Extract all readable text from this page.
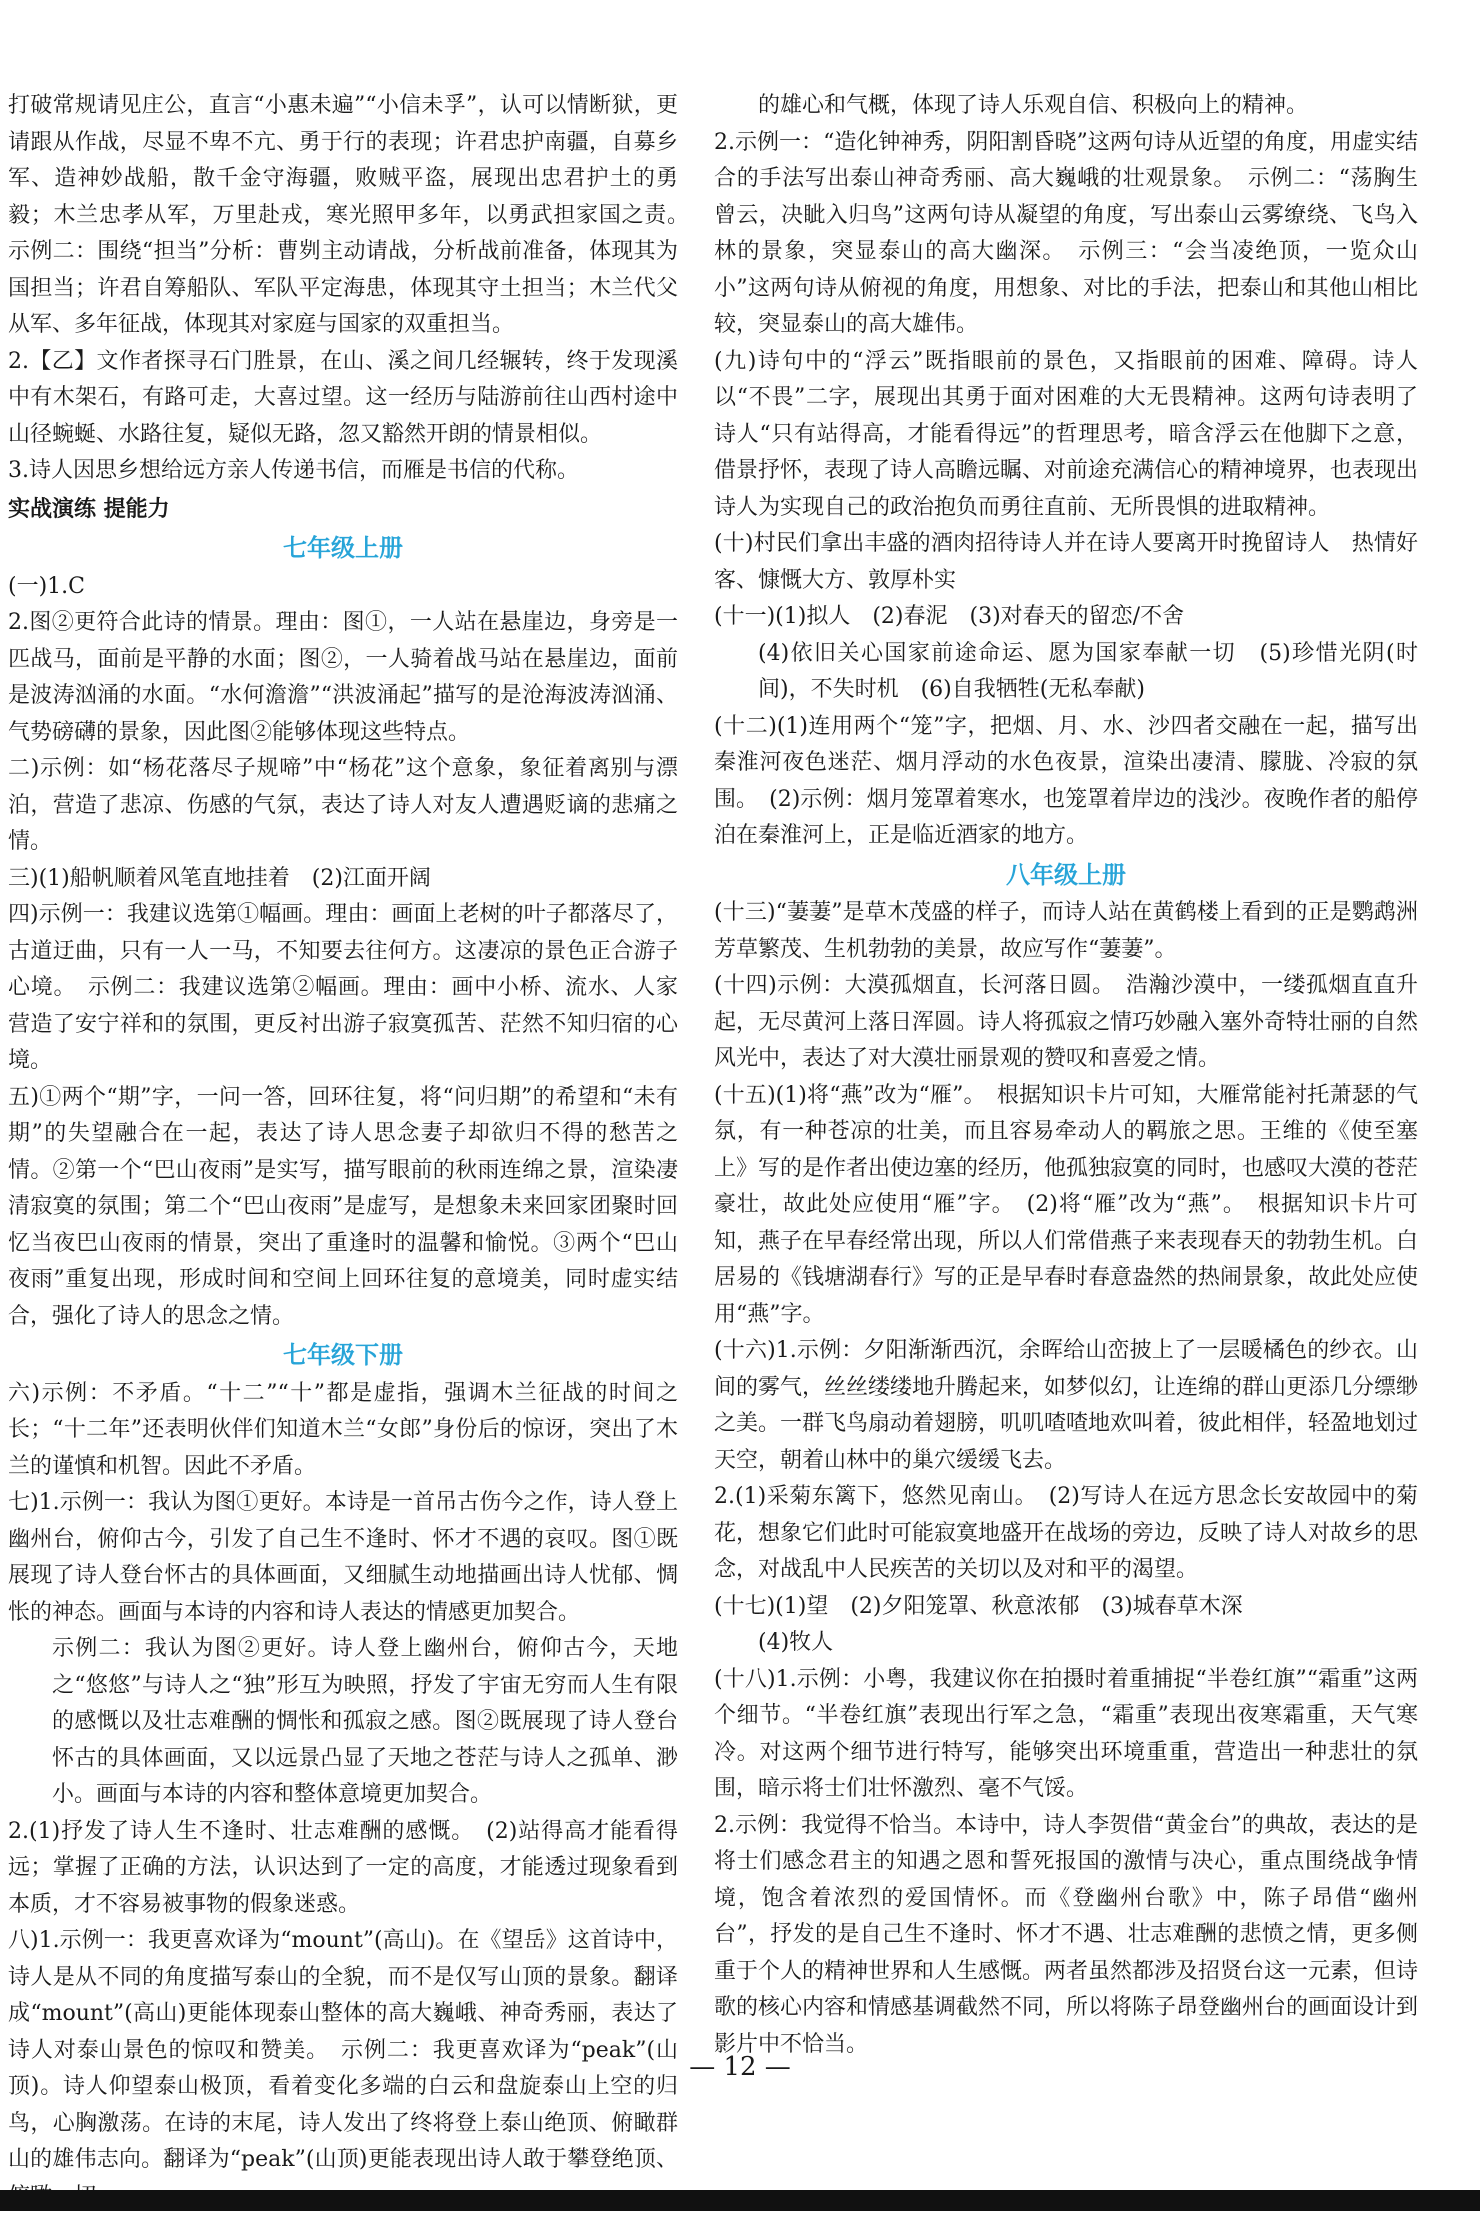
打破常规请见庄公，直言“小惠未遍”“小信未孚”，认可以情断狱，更请跟从作战，尽显不卑不亢、勇于行的表现；许君忠护南疆，自募乡军、造神妙战船，散千金守海疆，败贼平盗，展现出忠君护土的勇毅；木兰忠孝从军，万里赴戎，寒光照甲多年，以勇武担家国之责。　示例二：围绕“担当”分析：曹刿主动请战，分析战前准备，体现其为国担当；许君自筹船队、军队平定海患，体现其守土担当；木兰代父从军、多年征战，体现其对家庭与国家的双重担当。

2.【乙】文作者探寻石门胜景，在山、溪之间几经辗转，终于发现溪中有木架石，有路可走，大喜过望。这一经历与陆游前往山西村途中山径蜿蜒、水路往复，疑似无路，忽又豁然开朗的情景相似。

3.诗人因思乡想给远方亲人传递书信，而雁是书信的代称。

实战演练 提能力
七年级上册

(一)1.C

2.图②更符合此诗的情景。理由：图①，一人站在悬崖边，身旁是一匹战马，面前是平静的水面；图②，一人骑着战马站在悬崖边，面前是波涛汹涌的水面。“水何澹澹”“洪波涌起”描写的是沧海波涛汹涌、气势磅礴的景象，因此图②能够体现这些特点。

二)示例：如“杨花落尽子规啼”中“杨花”这个意象，象征着离别与漂泊，营造了悲凉、伤感的气氛，表达了诗人对友人遭遇贬谪的悲痛之情。

三)(1)船帆顺着风笔直地挂着　(2)江面开阔

四)示例一：我建议选第①幅画。理由：画面上老树的叶子都落尽了，古道迂曲，只有一人一马，不知要去往何方。这凄凉的景色正合游子心境。　示例二：我建议选第②幅画。理由：画中小桥、流水、人家营造了安宁祥和的氛围，更反衬出游子寂寞孤苦、茫然不知归宿的心境。

五)①两个“期”字，一问一答，回环往复，将“问归期”的希望和“未有期”的失望融合在一起，表达了诗人思念妻子却欲归不得的愁苦之情。②第一个“巴山夜雨”是实写，描写眼前的秋雨连绵之景，渲染凄清寂寞的氛围；第二个“巴山夜雨”是虚写，是想象未来回家团聚时回忆当夜巴山夜雨的情景，突出了重逢时的温馨和愉悦。③两个“巴山夜雨”重复出现，形成时间和空间上回环往复的意境美，同时虚实结合，强化了诗人的思念之情。

七年级下册

六)示例：不矛盾。“十二”“十”都是虚指，强调木兰征战的时间之长；“十二年”还表明伙伴们知道木兰“女郎”身份后的惊讶，突出了木兰的谨慎和机智。因此不矛盾。

七)1.示例一：我认为图①更好。本诗是一首吊古伤今之作，诗人登上幽州台，俯仰古今，引发了自己生不逢时、怀才不遇的哀叹。图①既展现了诗人登台怀古的具体画面，又细腻生动地描画出诗人忧郁、惆怅的神态。画面与本诗的内容和诗人表达的情感更加契合。

示例二：我认为图②更好。诗人登上幽州台，俯仰古今，天地之“悠悠”与诗人之“独”形互为映照，抒发了宇宙无穷而人生有限的感慨以及壮志难酬的惆怅和孤寂之感。图②既展现了诗人登台怀古的具体画面，又以远景凸显了天地之苍茫与诗人之孤单、渺小。画面与本诗的内容和整体意境更加契合。

2.(1)抒发了诗人生不逢时、壮志难酬的感慨。　(2)站得高才能看得远；掌握了正确的方法，认识达到了一定的高度，才能透过现象看到本质，才不容易被事物的假象迷惑。

八)1.示例一：我更喜欢译为“mount”(高山)。在《望岳》这首诗中，诗人是从不同的角度描写泰山的全貌，而不是仅写山顶的景象。翻译成“mount”(高山)更能体现泰山整体的高大巍峨、神奇秀丽，表达了诗人对泰山景色的惊叹和赞美。　示例二：我更喜欢译为“peak”(山顶)。诗人仰望泰山极顶，看着变化多端的白云和盘旋泰山上空的归鸟，心胸激荡。在诗的末尾，诗人发出了终将登上泰山绝顶、俯瞰群山的雄伟志向。翻译为“peak”(山顶)更能表现出诗人敢于攀登绝顶、

的雄心和气概，体现了诗人乐观自信、积极向上的精神。

2.示例一：“造化钟神秀，阴阳割昏晓”这两句诗从近望的角度，用虚实结合的手法写出泰山神奇秀丽、高大巍峨的壮观景象。　示例二：“荡胸生曾云，决眦入归鸟”这两句诗从凝望的角度，写出泰山云雾缭绕、飞鸟入林的景象，突显泰山的高大幽深。　示例三：“会当凌绝顶，一览众山小”这两句诗从俯视的角度，用想象、对比的手法，把泰山和其他山相比较，突显泰山的高大雄伟。

(九)诗句中的“浮云”既指眼前的景色，又指眼前的困难、障碍。诗人以“不畏”二字，展现出其勇于面对困难的大无畏精神。这两句诗表明了诗人“只有站得高，才能看得远”的哲理思考，暗含浮云在他脚下之意，借景抒怀，表现了诗人高瞻远瞩、对前途充满信心的精神境界，也表现出诗人为实现自己的政治抱负而勇往直前、无所畏惧的进取精神。

(十)村民们拿出丰盛的酒肉招待诗人并在诗人要离开时挽留诗人　热情好客、慷慨大方、敦厚朴实

(十一)(1)拟人　(2)春泥　(3)对春天的留恋/不舍

(4)依旧关心国家前途命运、愿为国家奉献一切　(5)珍惜光阴(时间)，不失时机　(6)自我牺牲(无私奉献)

(十二)(1)连用两个“笼”字，把烟、月、水、沙四者交融在一起，描写出秦淮河夜色迷茫、烟月浮动的水色夜景，渲染出凄清、朦胧、冷寂的氛围。　(2)示例：烟月笼罩着寒水，也笼罩着岸边的浅沙。夜晚作者的船停泊在秦淮河上，正是临近酒家的地方。

八年级上册

(十三)“萋萋”是草木茂盛的样子，而诗人站在黄鹤楼上看到的正是鹦鹉洲芳草繁茂、生机勃勃的美景，故应写作“萋萋”。

(十四)示例：大漠孤烟直，长河落日圆。　浩瀚沙漠中，一缕孤烟直直升起，无尽黄河上落日浑圆。诗人将孤寂之情巧妙融入塞外奇特壮丽的自然风光中，表达了对大漠壮丽景观的赞叹和喜爱之情。

(十五)(1)将“燕”改为“雁”。　根据知识卡片可知，大雁常能衬托萧瑟的气氛，有一种苍凉的壮美，而且容易牵动人的羁旅之思。王维的《使至塞上》写的是作者出使边塞的经历，他孤独寂寞的同时，也感叹大漠的苍茫豪壮，故此处应使用“雁”字。　(2)将“雁”改为“燕”。　根据知识卡片可知，燕子在早春经常出现，所以人们常借燕子来表现春天的勃勃生机。白居易的《钱塘湖春行》写的正是早春时春意盎然的热闹景象，故此处应使用“燕”字。

(十六)1.示例：夕阳渐渐西沉，余晖给山峦披上了一层暖橘色的纱衣。山间的雾气，丝丝缕缕地升腾起来，如梦似幻，让连绵的群山更添几分缥缈之美。一群飞鸟扇动着翅膀，叽叽喳喳地欢叫着，彼此相伴，轻盈地划过天空，朝着山林中的巢穴缓缓飞去。

2.(1)采菊东篱下，悠然见南山。　(2)写诗人在远方思念长安故园中的菊花，想象它们此时可能寂寞地盛开在战场的旁边，反映了诗人对故乡的思念，对战乱中人民疾苦的关切以及对和平的渴望。

(十七)(1)望　(2)夕阳笼罩、秋意浓郁　(3)城春草木深

(4)牧人

(十八)1.示例：小粤，我建议你在拍摄时着重捕捉“半卷红旗”“霜重”这两个细节。“半卷红旗”表现出行军之急，“霜重”表现出夜寒霜重，天气寒冷。对这两个细节进行特写，能够突出环境重重，营造出一种悲壮的氛围，暗示将士们壮怀激烈、毫不气馁。

2.示例：我觉得不恰当。本诗中，诗人李贺借“黄金台”的典故，表达的是将士们感念君主的知遇之恩和誓死报国的激情与决心，重点围绕战争情境，饱含着浓烈的爱国情怀。而《登幽州台歌》中，陈子昂借“幽州台”，抒发的是自己生不逢时、怀才不遇、壮志难酬的悲愤之情，更多侧重于个人的精神世界和人生感慨。两者虽然都涉及招贤台这一元素，但诗歌的核心内容和情感基调截然不同，所以将陈子昂登幽州台的画面设计到影片中不恰当。

— 12 —
